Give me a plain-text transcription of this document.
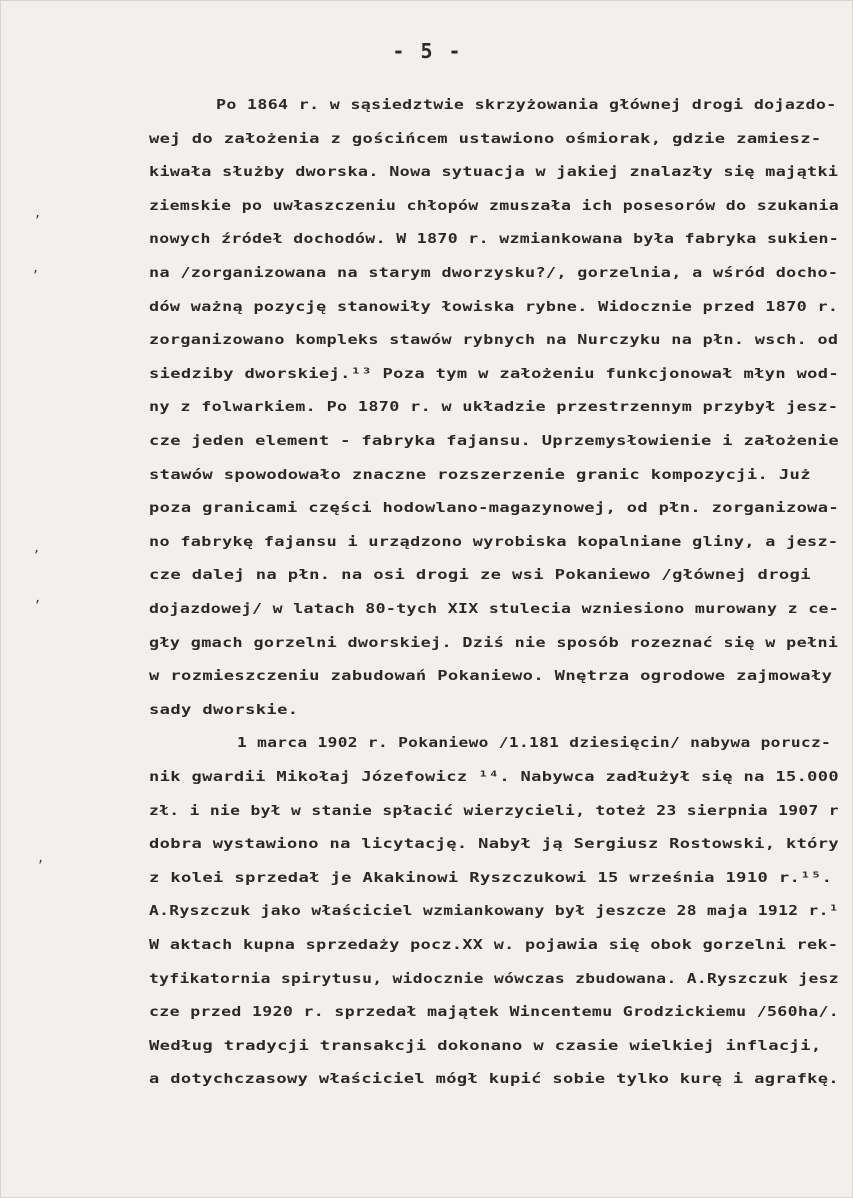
- 5 -
Po 1864 r. w sąsiedztwie skrzyżowania głównej drogi dojazdo-
wej do założenia z gościńcem ustawiono ośmiorak, gdzie zamiesz-
kiwała służby dworska. Nowa sytuacja w jakiej znalazły się majątki
ziemskie po uwłaszczeniu chłopów zmuszała ich posesorów do szukania
nowych źródeł dochodów. W 1870 r. wzmiankowana była fabryka sukien-
na /zorganizowana na starym dworzysku?/, gorzelnia, a wśród docho-
dów ważną pozycję stanowiły łowiska rybne. Widocznie przed 1870 r.
zorganizowano kompleks stawów rybnych na Nurczyku na płn. wsch. od
siedziby dworskiej.¹³ Poza tym w założeniu funkcjonował młyn wod-
ny z folwarkiem. Po 1870 r. w układzie przestrzennym przybył jesz-
cze jeden element - fabryka fajansu. Uprzemysłowienie i założenie
stawów spowodowało znaczne rozszerzenie granic kompozycji. Już
poza granicami części hodowlano-magazynowej, od płn. zorganizowa-
no fabrykę fajansu i urządzono wyrobiska kopalniane gliny, a jesz-
cze dalej na płn. na osi drogi ze wsi Pokaniewo /głównej drogi
dojazdowej/ w latach 80-tych XIX stulecia wzniesiono murowany z ce-
gły gmach gorzelni dworskiej. Dziś nie sposób rozeznać się w pełni
w rozmieszczeniu zabudowań Pokaniewo. Wnętrza ogrodowe zajmowały
sady dworskie.
1 marca 1902 r. Pokaniewo /1.181 dziesięcin/ nabywa porucz-
nik gwardii Mikołaj Józefowicz ¹⁴. Nabywca zadłużył się na 15.000
zł. i nie był w stanie spłacić wierzycieli, toteż 23 sierpnia 1907 r
dobra wystawiono na licytację. Nabył ją Sergiusz Rostowski, który
z kolei sprzedał je Akakinowi Ryszczukowi 15 września 1910 r.¹⁵.
A.Ryszczuk jako właściciel wzmiankowany był jeszcze 28 maja 1912 r.¹
W aktach kupna sprzedaży pocz.XX w. pojawia się obok gorzelni rek-
tyfikatornia spirytusu, widocznie wówczas zbudowana. A.Ryszczuk jesz
cze przed 1920 r. sprzedał majątek Wincentemu Grodzickiemu /560ha/.
Według tradycji transakcji dokonano w czasie wielkiej inflacji,
a dotychczasowy właściciel mógł kupić sobie tylko kurę i agrafkę.
,
,
,
,
,
